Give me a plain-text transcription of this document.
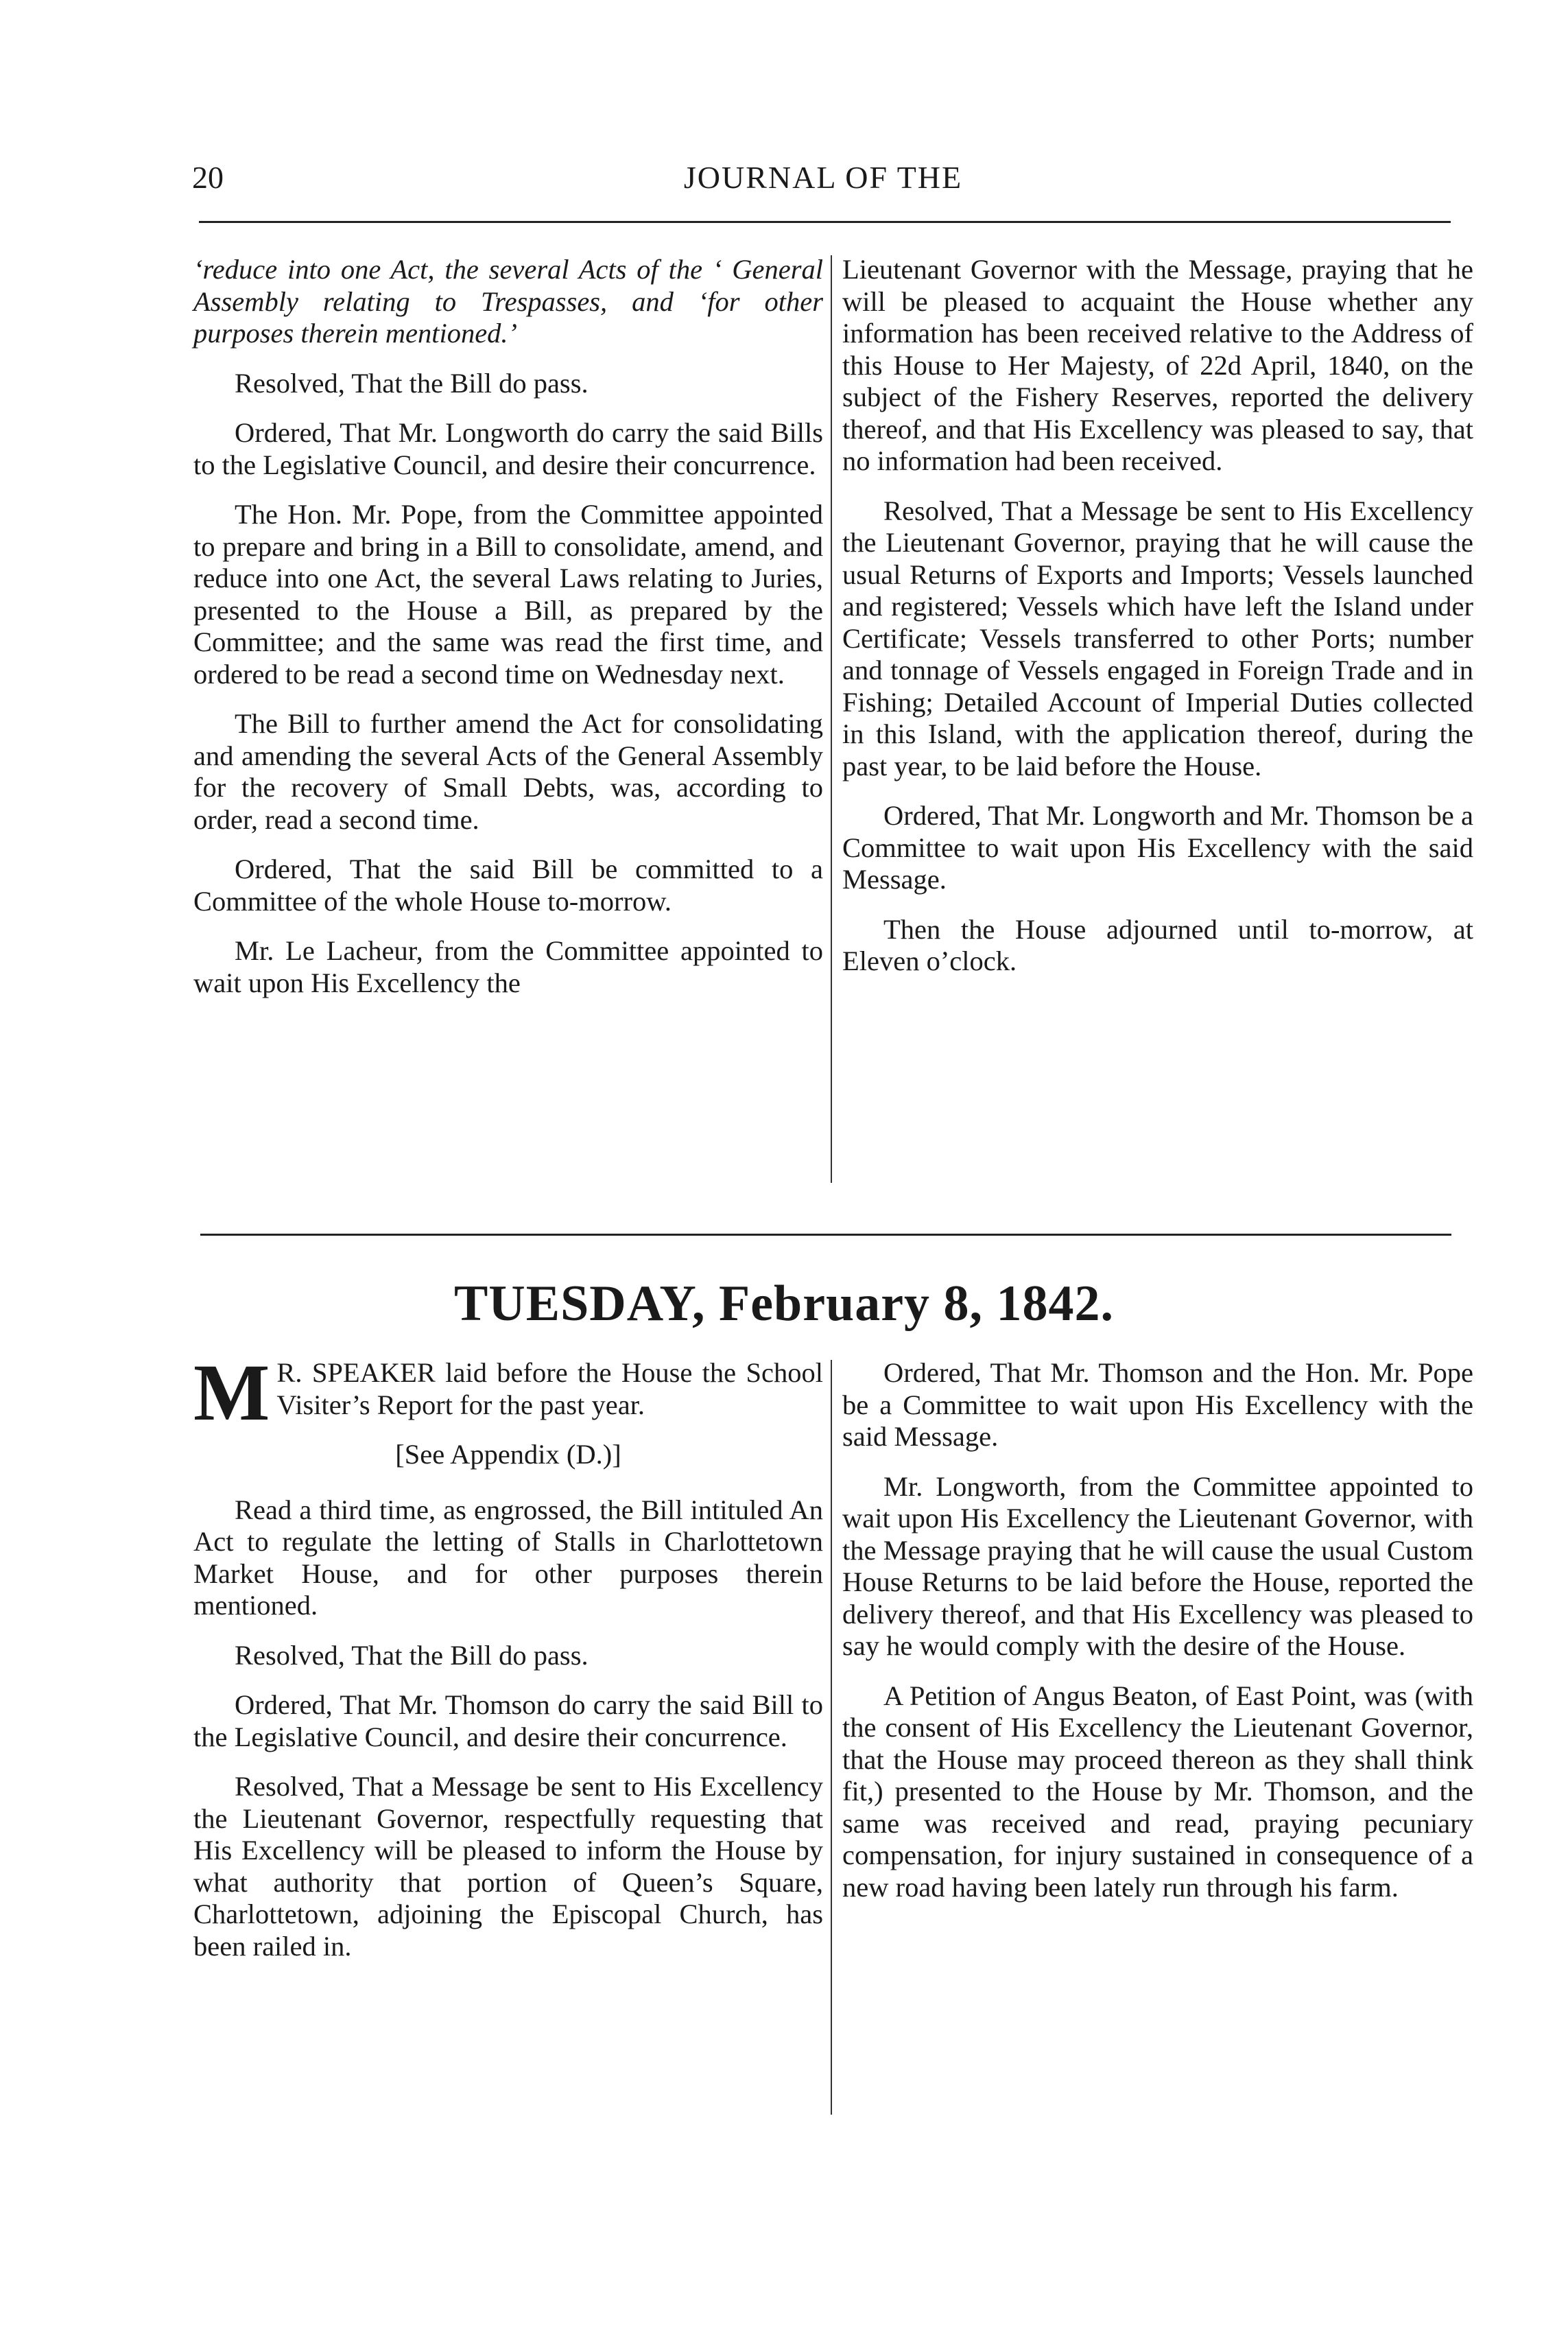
20	JOURNAL OF THE

‘reduce into one Act, the several Acts of the ‘ General Assembly relating to Trespasses, and ‘for other purposes therein mentioned.’

Resolved, That the Bill do pass.

Ordered, That Mr. Longworth do carry the said Bills to the Legislative Council, and desire their concurrence.

The Hon. Mr. Pope, from the Committee appointed to prepare and bring in a Bill to consolidate, amend, and reduce into one Act, the several Laws relating to Juries, presented to the House a Bill, as prepared by the Committee; and the same was read the first time, and ordered to be read a second time on Wednesday next.

The Bill to further amend the Act for consolidating and amending the several Acts of the General Assembly for the recovery of Small Debts, was, according to order, read a second time.

Ordered, That the said Bill be committed to a Committee of the whole House to-morrow.

Mr. Le Lacheur, from the Committee appointed to wait upon His Excellency the

Lieutenant Governor with the Message, praying that he will be pleased to acquaint the House whether any information has been received relative to the Address of this House to Her Majesty, of 22d April, 1840, on the subject of the Fishery Reserves, reported the delivery thereof, and that His Excellency was pleased to say, that no information had been received.

Resolved, That a Message be sent to His Excellency the Lieutenant Governor, praying that he will cause the usual Returns of Exports and Imports; Vessels launched and registered; Vessels which have left the Island under Certificate; Vessels transferred to other Ports; number and tonnage of Vessels engaged in Foreign Trade and in Fishing; Detailed Account of Imperial Duties collected in this Island, with the application thereof, during the past year, to be laid before the House.

Ordered, That Mr. Longworth and Mr. Thomson be a Committee to wait upon His Excellency with the said Message.

Then the House adjourned until to-morrow, at Eleven o’clock.

TUESDAY, February 8, 1842.

M R. SPEAKER laid before the House the School Visiter’s Report for the past year.

[See Appendix (D.)]

Read a third time, as engrossed, the Bill intituled An Act to regulate the letting of Stalls in Charlottetown Market House, and for other purposes therein mentioned.

Resolved, That the Bill do pass.

Ordered, That Mr. Thomson do carry the said Bill to the Legislative Council, and desire their concurrence.

Resolved, That a Message be sent to His Excellency the Lieutenant Governor, respectfully requesting that His Excellency will be pleased to inform the House by what authority that portion of Queen’s Square, Charlottetown, adjoining the Episcopal Church, has been railed in.

Ordered, That Mr. Thomson and the Hon. Mr. Pope be a Committee to wait upon His Excellency with the said Message.

Mr. Longworth, from the Committee appointed to wait upon His Excellency the Lieutenant Governor, with the Message praying that he will cause the usual Custom House Returns to be laid before the House, reported the delivery thereof, and that His Excellency was pleased to say he would comply with the desire of the House.

A Petition of Angus Beaton, of East Point, was (with the consent of His Excellency the Lieutenant Governor, that the House may proceed thereon as they shall think fit,) presented to the House by Mr. Thomson, and the same was received and read, praying pecuniary compensation, for injury sustained in consequence of a new road having been lately run through his farm.
